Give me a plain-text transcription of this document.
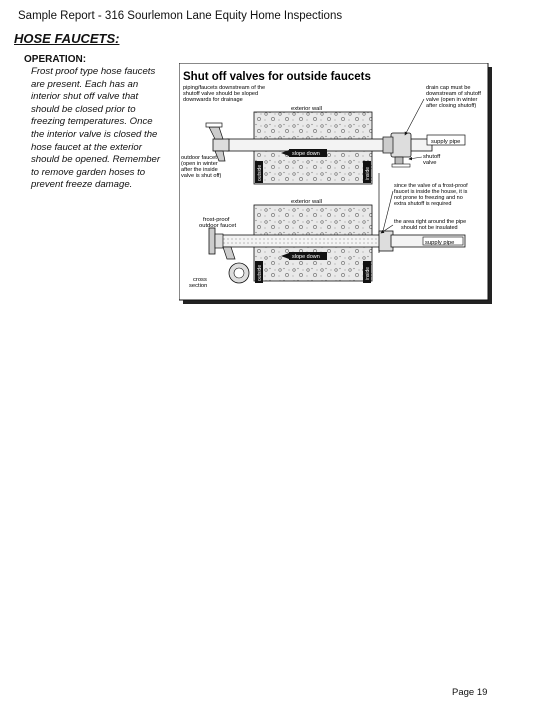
Sample Report - 316 Sourlemon Lane Equity Home Inspections
HOSE FAUCETS:
OPERATION:
Frost proof type hose faucets
are present. Each has an
interior shut off valve that
should be closed prior to
freezing temperatures. Once
the interior valve is closed the
hose faucet at the exterior
should be opened. Remember
to remove garden hoses to
prevent freeze damage.
Shut off valves for outside faucets
piping/faucets downstream of the shutoff valve should be sloped downwards for drainage
exterior wall
outside	inside
slope down
supply pipe
drain cap must be downstream of shutoff valve (open in winter after closing shutoff)
shutoff valve
outdoor faucet (open in winter after the inside valve is shut off)
since the valve of a frost-proof faucet is inside the house, it is not prone to freezing and no extra shutoff is required
exterior wall
outside	inside
supply pipe
slope down
frost-proof outdoor faucet
the area right around the pipe should not be insulated
cross section
Page 19
